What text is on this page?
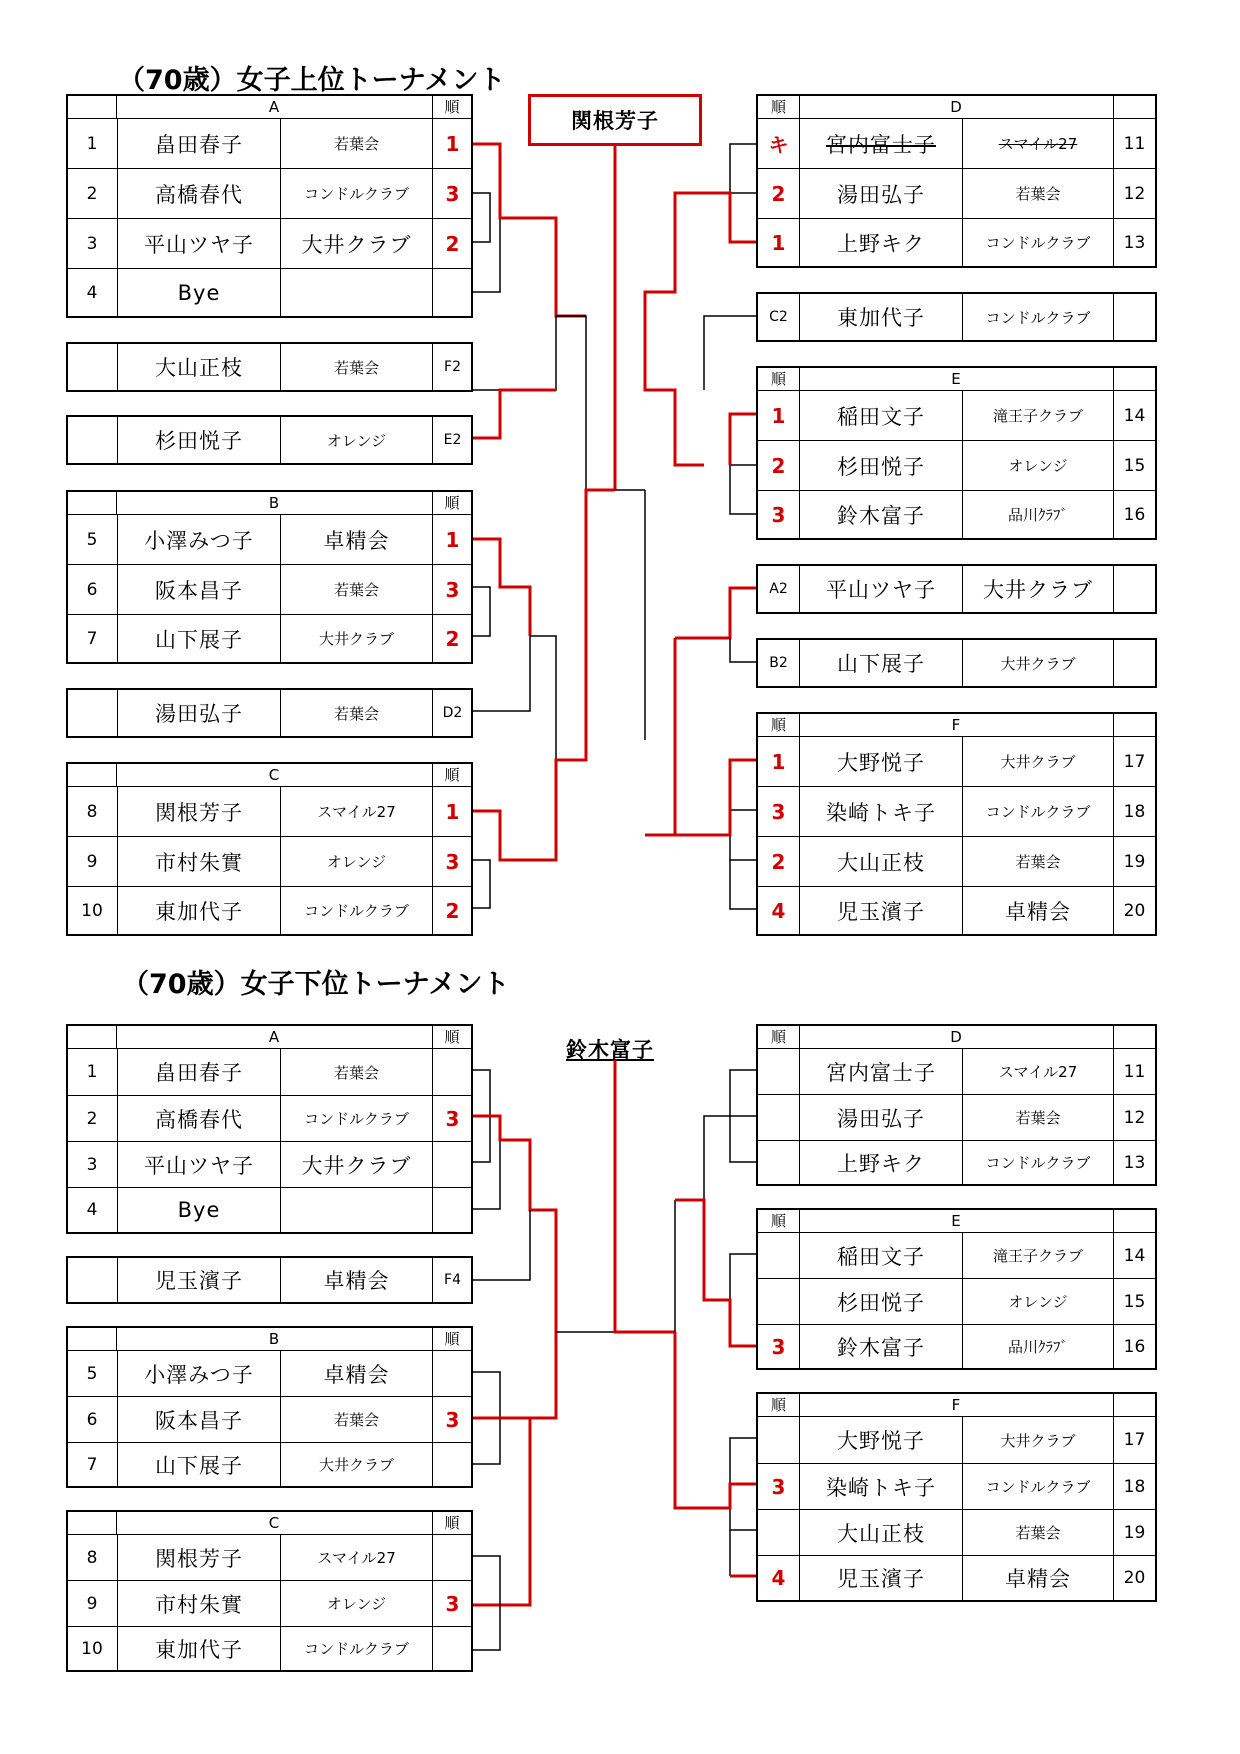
（70歳）女子上位トーナメント
関根芳子
A	順
1	畠田春子	若葉会	1
2	高橋春代	コンドルクラブ	3
3	平山ツヤ子	大井クラブ	2
4	Bye
大山正枝	若葉会	F2
杉田悦子	オレンジ	E2
B	順
5	小澤みつ子	卓精会	1
6	阪本昌子	若葉会	3
7	山下展子	大井クラブ	2
湯田弘子	若葉会	D2
C	順
8	関根芳子	スマイル27	1
9	市村朱實	オレンジ	3
10	東加代子	コンドルクラブ	2
順	D
キ	宮内富士子	スマイル27	11
2	湯田弘子	若葉会	12
1	上野キク	コンドルクラブ	13
C2	東加代子	コンドルクラブ
順	E
1	稲田文子	滝王子クラブ	14
2	杉田悦子	オレンジ	15
3	鈴木富子	品川ｸﾗﾌﾞ	16
A2	平山ツヤ子	大井クラブ
B2	山下展子	大井クラブ
順	F
1	大野悦子	大井クラブ	17
3	染崎トキ子	コンドルクラブ	18
2	大山正枝	若葉会	19
4	児玉濱子	卓精会	20
（70歳）女子下位トーナメント
鈴木富子
A	順
1	畠田春子	若葉会
2	高橋春代	コンドルクラブ	3
3	平山ツヤ子	大井クラブ
4	Bye
児玉濱子	卓精会	F4
B	順
5	小澤みつ子	卓精会
6	阪本昌子	若葉会	3
7	山下展子	大井クラブ
C	順
8	関根芳子	スマイル27
9	市村朱實	オレンジ	3
10	東加代子	コンドルクラブ
順	D
宮内富士子	スマイル27	11
湯田弘子	若葉会	12
上野キク	コンドルクラブ	13
順	E
稲田文子	滝王子クラブ	14
杉田悦子	オレンジ	15
3	鈴木富子	品川ｸﾗﾌﾞ	16
順	F
大野悦子	大井クラブ	17
3	染崎トキ子	コンドルクラブ	18
大山正枝	若葉会	19
4	児玉濱子	卓精会	20
